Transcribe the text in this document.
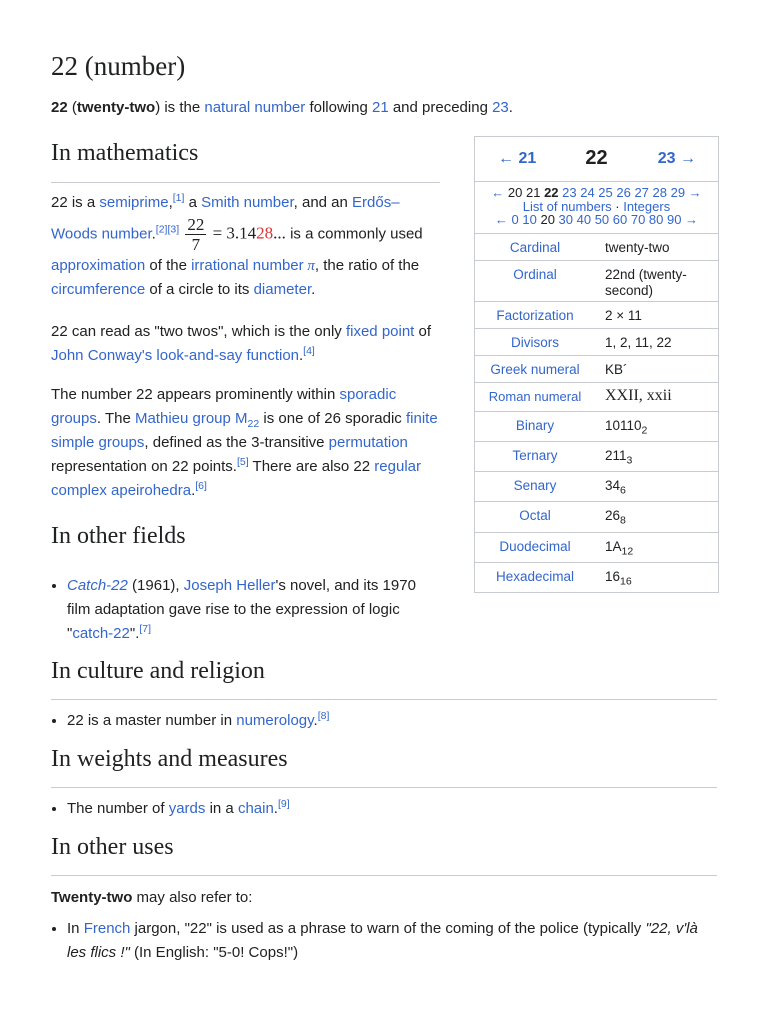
22 (number)

22 (twenty-two) is the natural number following 21 and preceding 23.

In mathematics

22 is a semiprime,[1] a Smith number, and an Erdős–Woods number.[2][3] $\frac{22}{7} = 3.1428$... is a commonly used approximation of the irrational number π, the ratio of the circumference of a circle to its diameter.

22 can read as "two twos", which is the only fixed point of John Conway's look-and-say function.[4]

The number 22 appears prominently within sporadic groups. The Mathieu group $M_{22}$ is one of 26 sporadic finite simple groups, defined as the 3-transitive permutation representation on 22 points.[5] There are also 22 regular complex apeirohedra.[6]

In other fields
• Catch-22 (1961), Joseph Heller's novel, and its 1970 film adaptation gave rise to the expression of logic "catch-22".[7]
In culture and religion
• 22 is a master number in numerology.[8]
In weights and measures
• The number of yards in a chain.[9]
In other uses

Twenty-two may also refer to:

• In French jargon, "22" is used as a phrase to warn of the coming of the police (typically "22, v'là les flics !" (In English: "5-0! Cops!")
← 21	22	23 →
← 20 21 22 23 24 25 26 27 28 29 →
List of numbers · Integers
← 0 10 20 30 40 50 60 70 80 90 →
Cardinal	twenty-two
Ordinal	22nd (twenty-second)
Factorization	2 × 11
Divisors	1, 2, 11, 22
Greek numeral	ΚΒ´
Roman numeral	XXII, xxii
Binary	$10110_2$
Ternary	$211_3$
Senary	$34_6$
Octal	$26_8$
Duodecimal	$1A_{12}$
Hexadecimal	$16_{16}$
